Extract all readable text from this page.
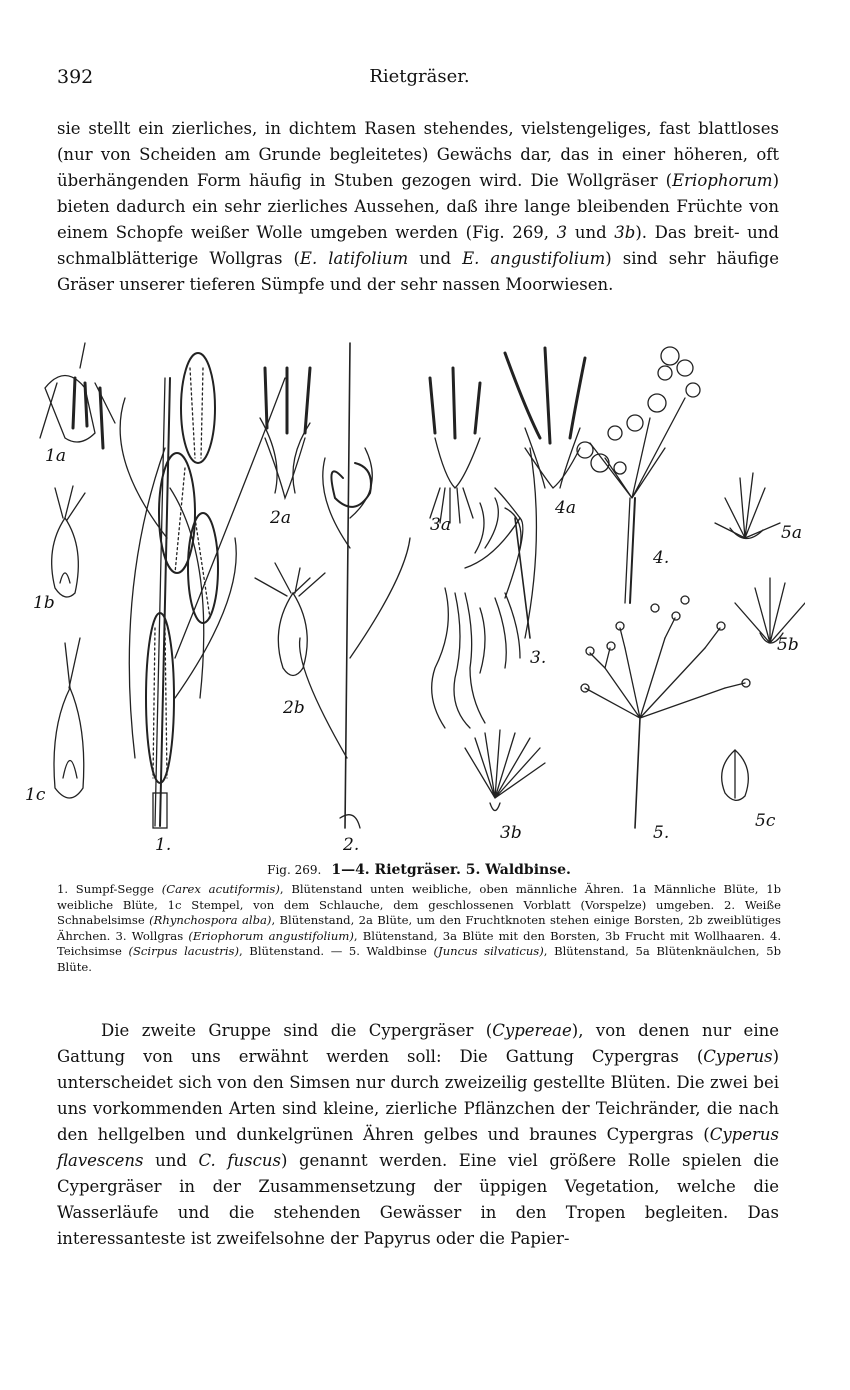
392	Rietgräser.

sie stellt ein zierliches, in dichtem Rasen stehendes, vielstengeliges, fast blattloses (nur von Scheiden am Grunde begleitetes) Gewächs dar, das in einer höheren, oft überhängenden Form häufig in Stuben gezogen wird. Die Wollgräser (Eriophorum) bieten dadurch ein sehr zierliches Aussehen, daß ihre lange bleibenden Früchte von einem Schopfe weißer Wolle umgeben werden (Fig. 269, 3 und 3b). Das breit- und schmalblätterige Wollgras (E. latifolium und E. angustifolium) sind sehr häufige Gräser unserer tieferen Sümpfe und der sehr nassen Moorwiesen.

1a
1b
1c
1.
2a
2b
2.
3a
3.
3b
4a
4.
5a
5b
5.
5c

Fig. 269. 1—4. Rietgräser. 5. Waldbinse.

1. Sumpf-Segge (Carex acutiformis), Blütenstand unten weibliche, oben männliche Ähren. 1a Männliche Blüte, 1b weibliche Blüte, 1c Stempel, von dem Schlauche, dem geschlossenen Vorblatt (Vorspelze) umgeben. 2. Weiße Schnabelsimse (Rhynchospora alba), Blütenstand, 2a Blüte, um den Fruchtknoten stehen einige Borsten, 2b zweiblütiges Ährchen. 3. Wollgras (Eriophorum angustifolium), Blütenstand, 3a Blüte mit den Borsten, 3b Frucht mit Wollhaaren. 4. Teichsimse (Scirpus lacustris), Blütenstand. — 5. Waldbinse (Juncus silvaticus), Blütenstand, 5a Blütenknäulchen, 5b Blüte.

Die zweite Gruppe sind die Cypergräser (Cypereae), von denen nur eine Gattung von uns erwähnt werden soll: Die Gattung Cypergras (Cyperus) unterscheidet sich von den Simsen nur durch zweizeilig gestellte Blüten. Die zwei bei uns vorkommenden Arten sind kleine, zierliche Pflänzchen der Teichränder, die nach den hellgelben und dunkelgrünen Ähren gelbes und braunes Cypergras (Cyperus flavescens und C. fuscus) genannt werden. Eine viel größere Rolle spielen die Cypergräser in der Zusammensetzung der üppigen Vegetation, welche die Wasserläufe und die stehenden Gewässer in den Tropen begleiten. Das interessanteste ist zweifelsohne der Papyrus oder die Papier-
